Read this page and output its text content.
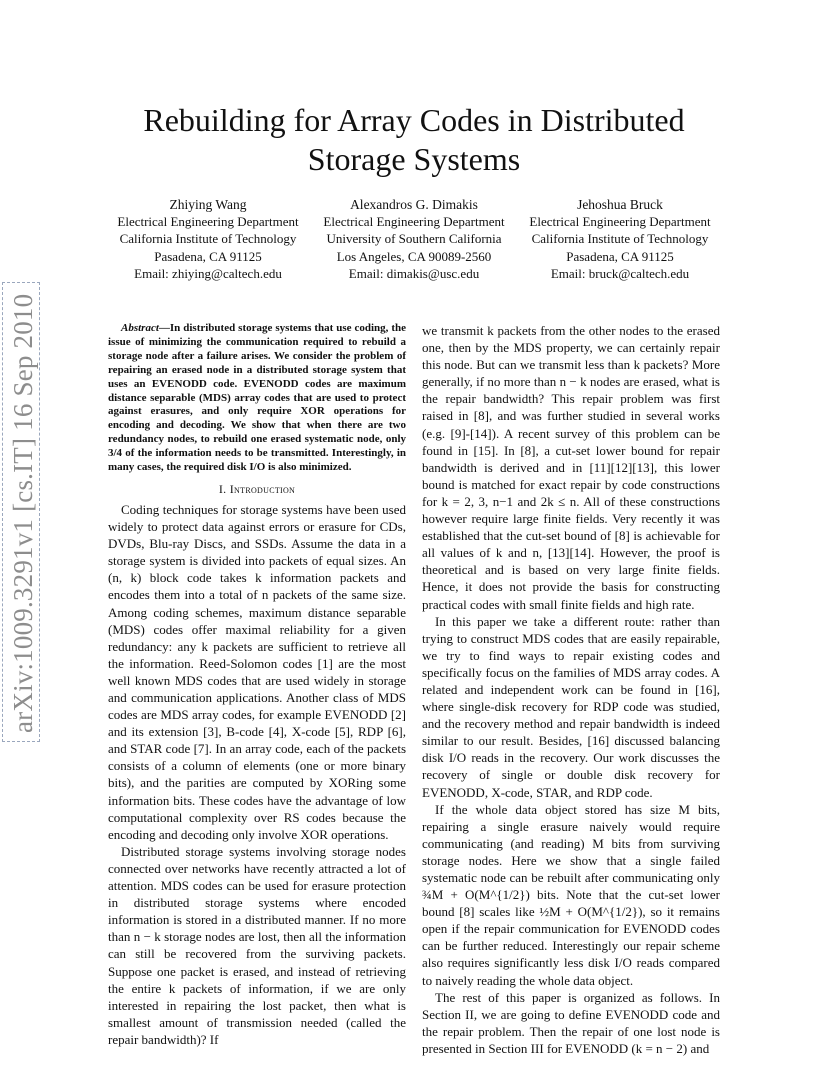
arXiv:1009.3291v1 [cs.IT] 16 Sep 2010
Rebuilding for Array Codes in Distributed
Storage Systems
Zhiying Wang
Electrical Engineering Department
California Institute of Technology
Pasadena, CA 91125
Email: zhiying@caltech.edu
Alexandros G. Dimakis
Electrical Engineering Department
University of Southern California
Los Angeles, CA 90089-2560
Email: dimakis@usc.edu
Jehoshua Bruck
Electrical Engineering Department
California Institute of Technology
Pasadena, CA 91125
Email: bruck@caltech.edu

Abstract—In distributed storage systems that use coding, the issue of minimizing the communication required to rebuild a storage node after a failure arises. We consider the problem of repairing an erased node in a distributed storage system that uses an EVENODD code. EVENODD codes are maximum distance separable (MDS) array codes that are used to protect against erasures, and only require XOR operations for encoding and decoding. We show that when there are two redundancy nodes, to rebuild one erased systematic node, only 3/4 of the information needs to be transmitted. Interestingly, in many cases, the required disk I/O is also minimized.

I. Introduction

Coding techniques for storage systems have been used widely to protect data against errors or erasure for CDs, DVDs, Blu-ray Discs, and SSDs. Assume the data in a storage system is divided into packets of equal sizes. An (n, k) block code takes k information packets and encodes them into a total of n packets of the same size. Among coding schemes, maximum distance separable (MDS) codes offer maximal reliability for a given redundancy: any k packets are sufficient to retrieve all the information. Reed-Solomon codes [1] are the most well known MDS codes that are used widely in storage and communication applications. Another class of MDS codes are MDS array codes, for example EVENODD [2] and its extension [3], B-code [4], X-code [5], RDP [6], and STAR code [7]. In an array code, each of the packets consists of a column of elements (one or more binary bits), and the parities are computed by XORing some information bits. These codes have the advantage of low computational complexity over RS codes because the encoding and decoding only involve XOR operations.

Distributed storage systems involving storage nodes connected over networks have recently attracted a lot of attention. MDS codes can be used for erasure protection in distributed storage systems where encoded information is stored in a distributed manner. If no more than n − k storage nodes are lost, then all the information can still be recovered from the surviving packets. Suppose one packet is erased, and instead of retrieving the entire k packets of information, if we are only interested in repairing the lost packet, then what is smallest amount of transmission needed (called the repair bandwidth)? If

we transmit k packets from the other nodes to the erased one, then by the MDS property, we can certainly repair this node. But can we transmit less than k packets? More generally, if no more than n − k nodes are erased, what is the repair bandwidth? This repair problem was first raised in [8], and was further studied in several works (e.g. [9]-[14]). A recent survey of this problem can be found in [15]. In [8], a cut-set lower bound for repair bandwidth is derived and in [11][12][13], this lower bound is matched for exact repair by code constructions for k = 2, 3, n−1 and 2k ≤ n. All of these constructions however require large finite fields. Very recently it was established that the cut-set bound of [8] is achievable for all values of k and n, [13][14]. However, the proof is theoretical and is based on very large finite fields. Hence, it does not provide the basis for constructing practical codes with small finite fields and high rate.

In this paper we take a different route: rather than trying to construct MDS codes that are easily repairable, we try to find ways to repair existing codes and specifically focus on the families of MDS array codes. A related and independent work can be found in [16], where single-disk recovery for RDP code was studied, and the recovery method and repair bandwidth is indeed similar to our result. Besides, [16] discussed balancing disk I/O reads in the recovery. Our work discusses the recovery of single or double disk recovery for EVENODD, X-code, STAR, and RDP code.

If the whole data object stored has size M bits, repairing a single erasure naively would require communicating (and reading) M bits from surviving storage nodes. Here we show that a single failed systematic node can be rebuilt after communicating only ¾M + O(M^{1/2}) bits. Note that the cut-set lower bound [8] scales like ½M + O(M^{1/2}), so it remains open if the repair communication for EVENODD codes can be further reduced. Interestingly our repair scheme also requires significantly less disk I/O reads compared to naively reading the whole data object.

The rest of this paper is organized as follows. In Section II, we are going to define EVENODD code and the repair problem. Then the repair of one lost node is presented in Section III for EVENODD (k = n − 2) and
